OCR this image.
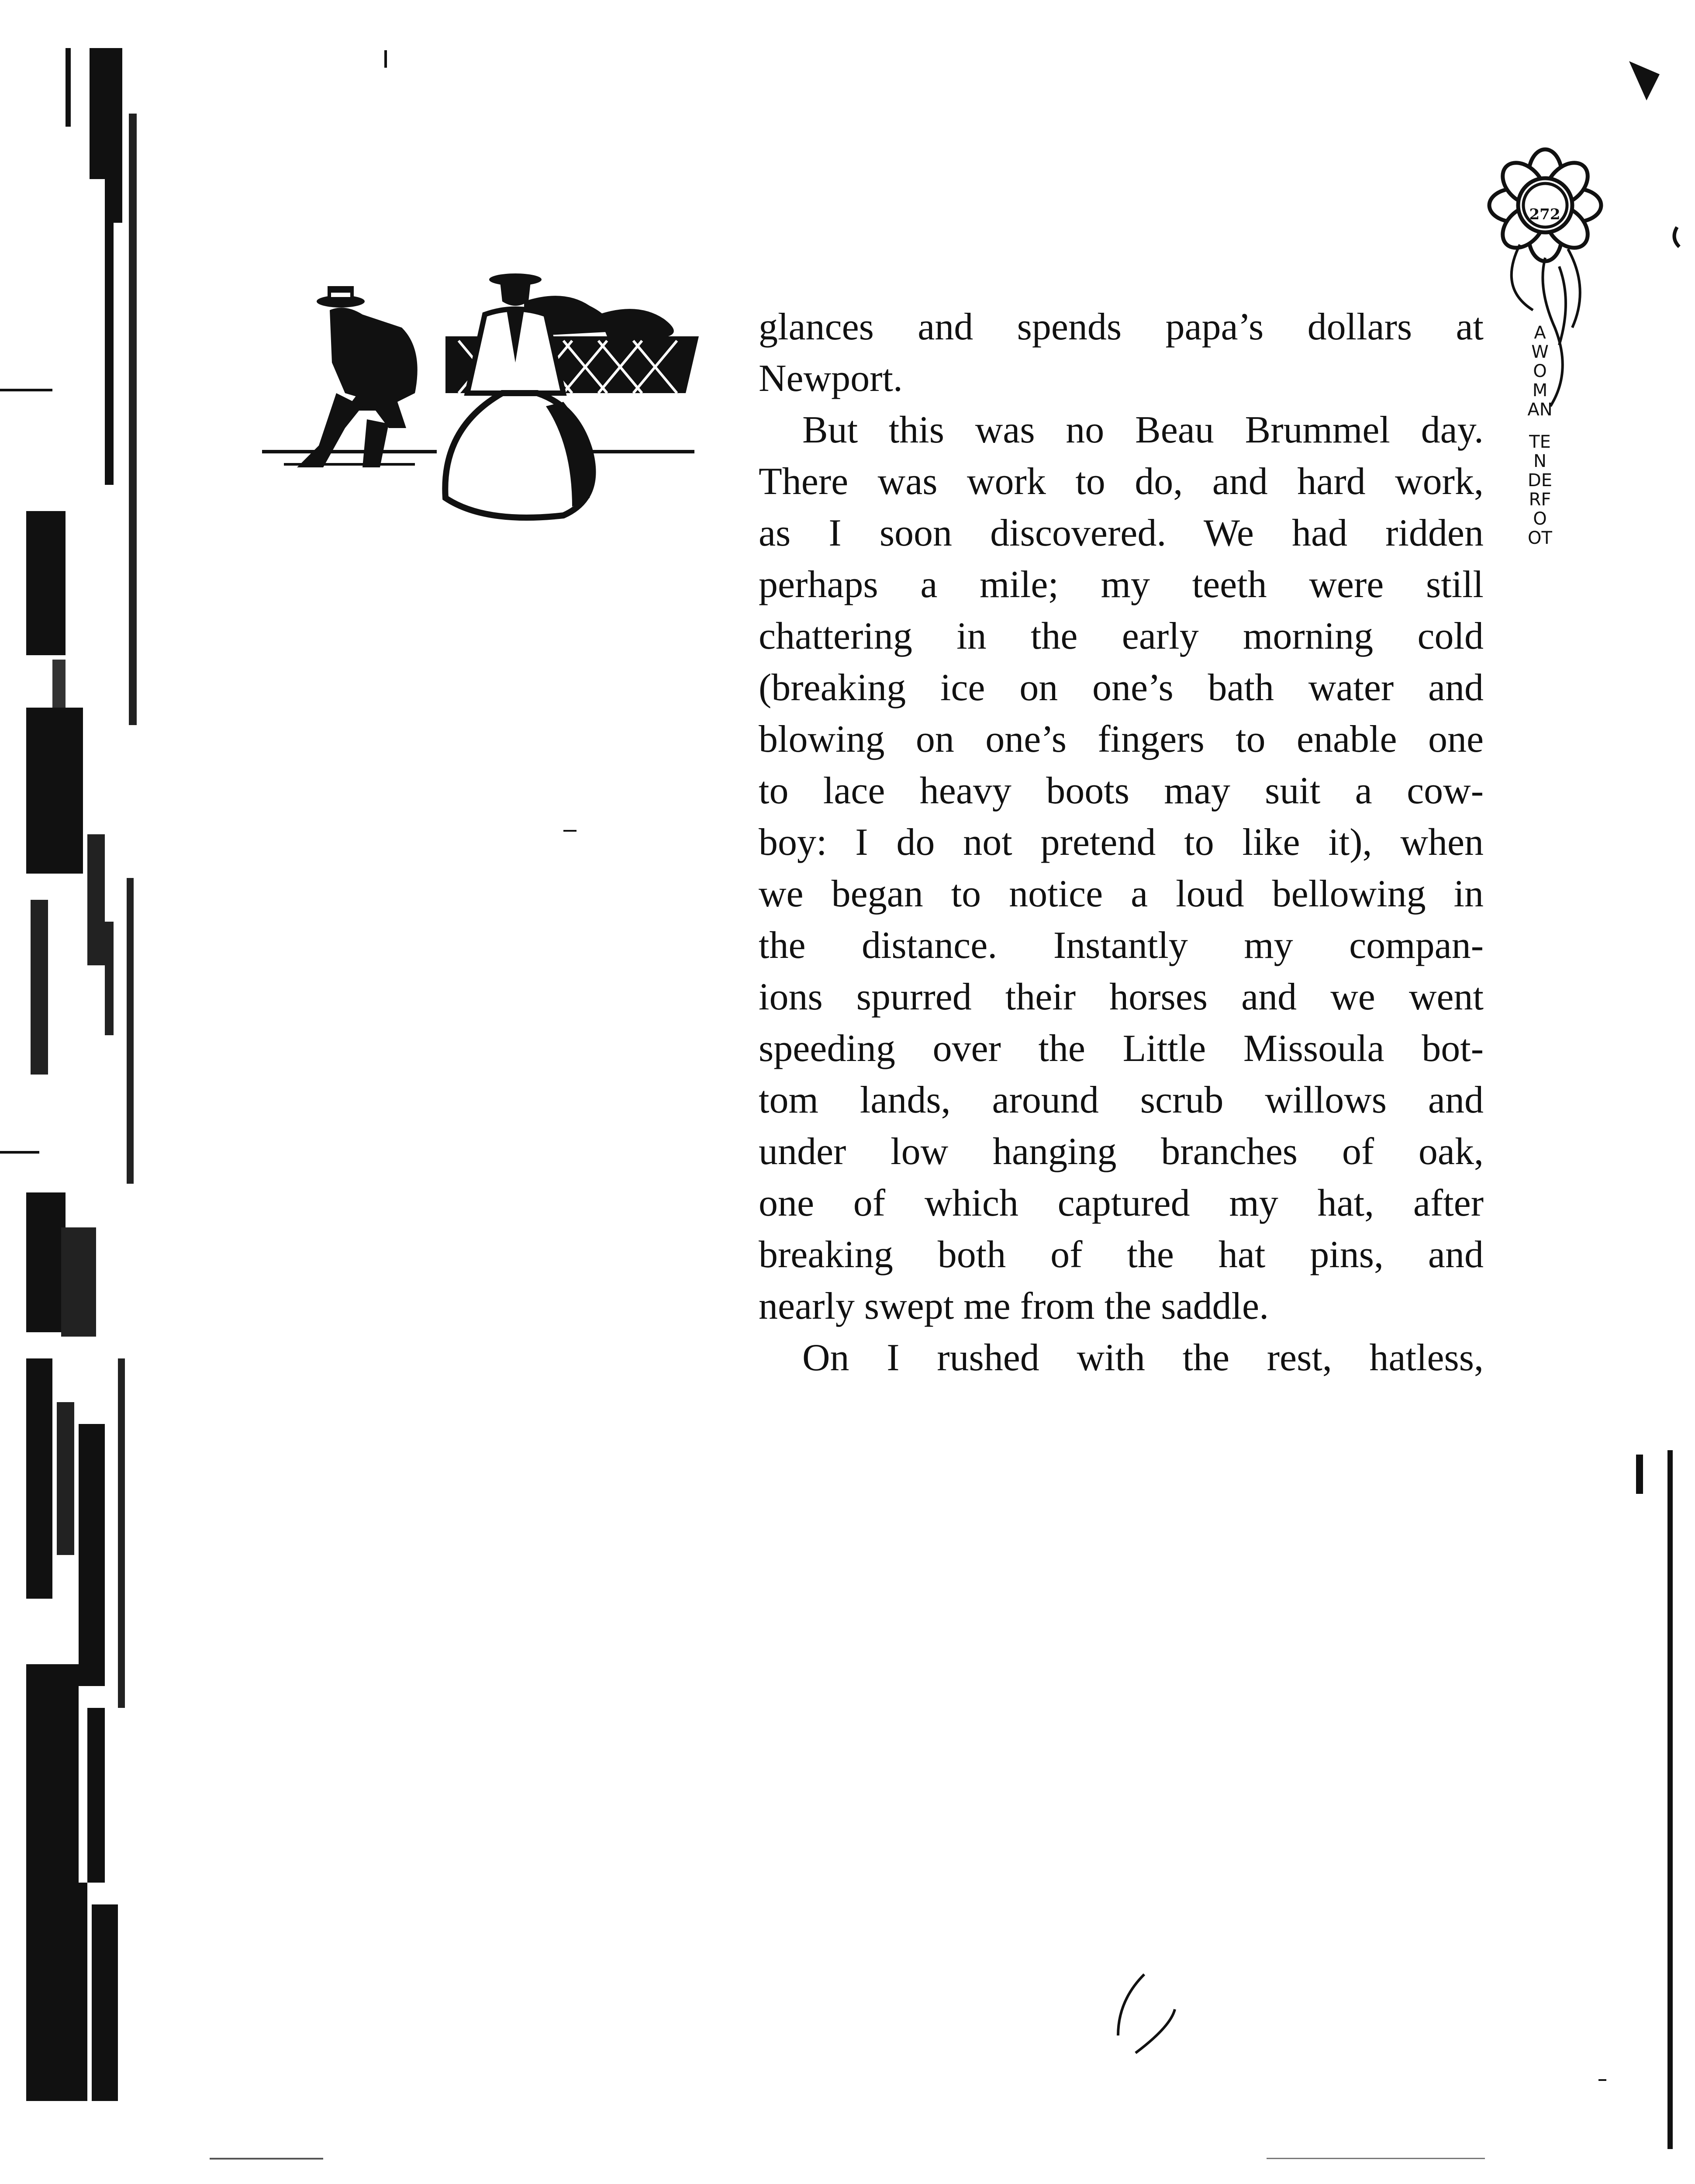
272
A
WOMAN
TENDERFOOT
glances and spends papa’s dollars at
Newport.
But this was no Beau Brummel day.
There was work to do, and hard work,
as I soon discovered. We had ridden
perhaps a mile; my teeth were still
chattering in the early morning cold
(breaking ice on one’s bath water and
blowing on one’s fingers to enable one
to lace heavy boots may suit a cow-
boy: I do not pretend to like it), when
we began to notice a loud bellowing in
the distance. Instantly my compan-
ions spurred their horses and we went
speeding over the Little Missoula bot-
tom lands, around scrub willows and
under low hanging branches of oak,
one of which captured my hat, after
breaking both of the hat pins, and
nearly swept me from the saddle.
On I rushed with the rest, hatless,
